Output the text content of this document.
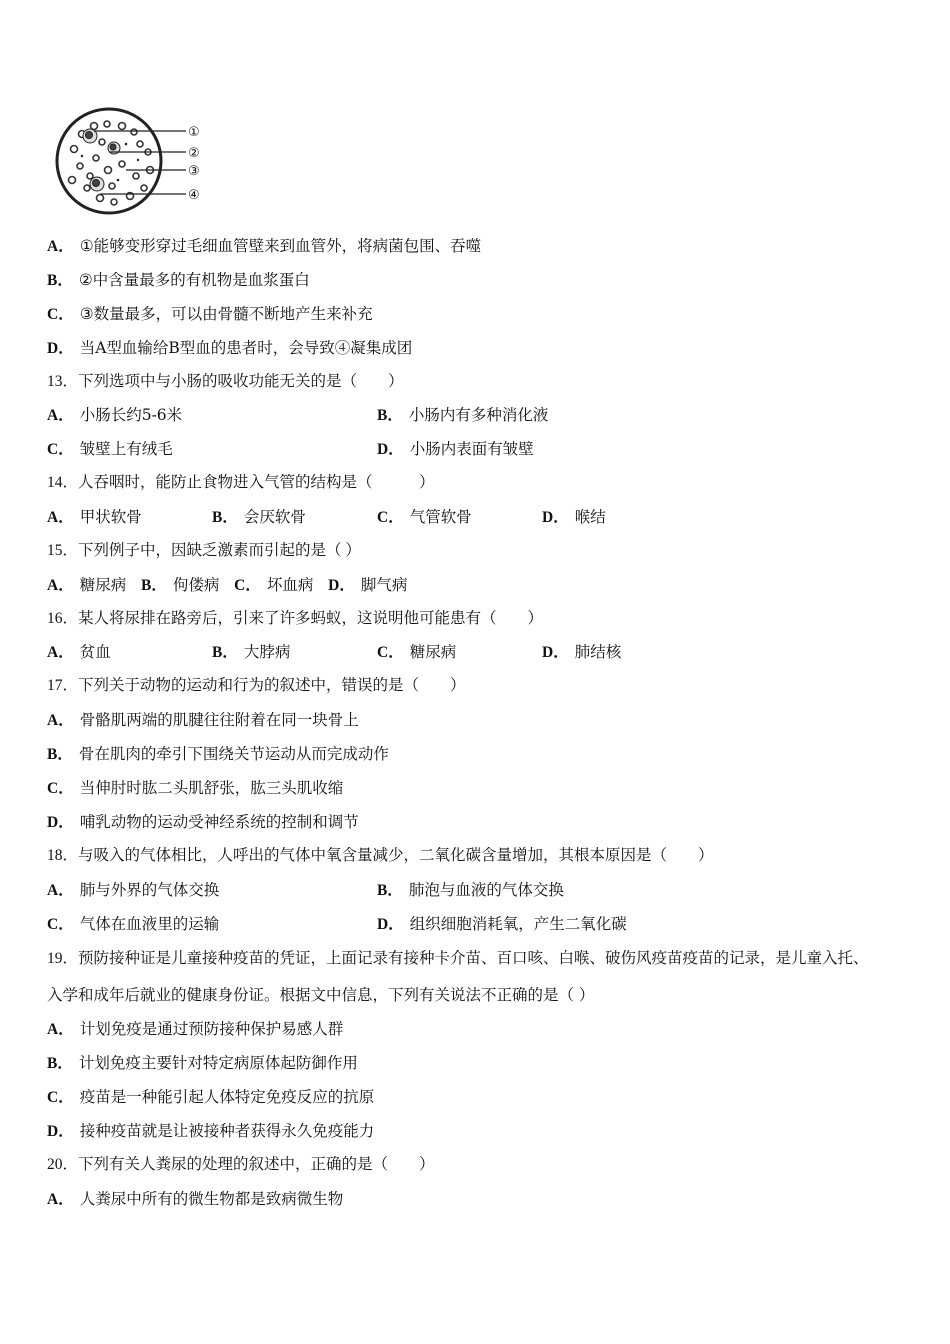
①
②
③
④
A． ①能够变形穿过毛细血管壁来到血管外，将病菌包围、吞噬
B． ②中含量最多的有机物是血浆蛋白
C． ③数量最多，可以由骨髓不断地产生来补充
D． 当A型血输给B型血的患者时，会导致④凝集成团
13．下列选项中与小肠的吸收功能无关的是（　　）
A． 小肠长约5-6米	B． 小肠内有多种消化液
C． 皱壁上有绒毛	D． 小肠内表面有皱壁
14．人吞咽时，能防止食物进入气管的结构是（　　　）
A． 甲状软骨	B． 会厌软骨	C． 气管软骨	D． 喉结
15．下列例子中，因缺乏激素而引起的是（ ）
A． 糖尿病 B． 佝偻病 C． 坏血病 D． 脚气病
16．某人将尿排在路旁后，引来了许多蚂蚁，这说明他可能患有（　　）
A． 贫血	B． 大脖病	C． 糖尿病	D． 肺结核
17．下列关于动物的运动和行为的叙述中，错误的是（　　）
A． 骨骼肌两端的肌腱往往附着在同一块骨上
B． 骨在肌肉的牵引下围绕关节运动从而完成动作
C． 当伸肘时肱二头肌舒张，肱三头肌收缩
D． 哺乳动物的运动受神经系统的控制和调节
18．与吸入的气体相比，人呼出的气体中氧含量减少，二氧化碳含量增加，其根本原因是（　　）
A． 肺与外界的气体交换	B． 肺泡与血液的气体交换
C． 气体在血液里的运输	D． 组织细胞消耗氧，产生二氧化碳
19．预防接种证是儿童接种疫苗的凭证，上面记录有接种卡介苗、百口咳、白喉、破伤风疫苗疫苗的记录，是儿童入托、
入学和成年后就业的健康身份证。根据文中信息，下列有关说法不正确的是（ ）
A． 计划免疫是通过预防接种保护易感人群
B． 计划免疫主要针对特定病原体起防御作用
C． 疫苗是一种能引起人体特定免疫反应的抗原
D． 接种疫苗就是让被接种者获得永久免疫能力
20．下列有关人粪尿的处理的叙述中，正确的是（　　）
A． 人粪尿中所有的微生物都是致病微生物
